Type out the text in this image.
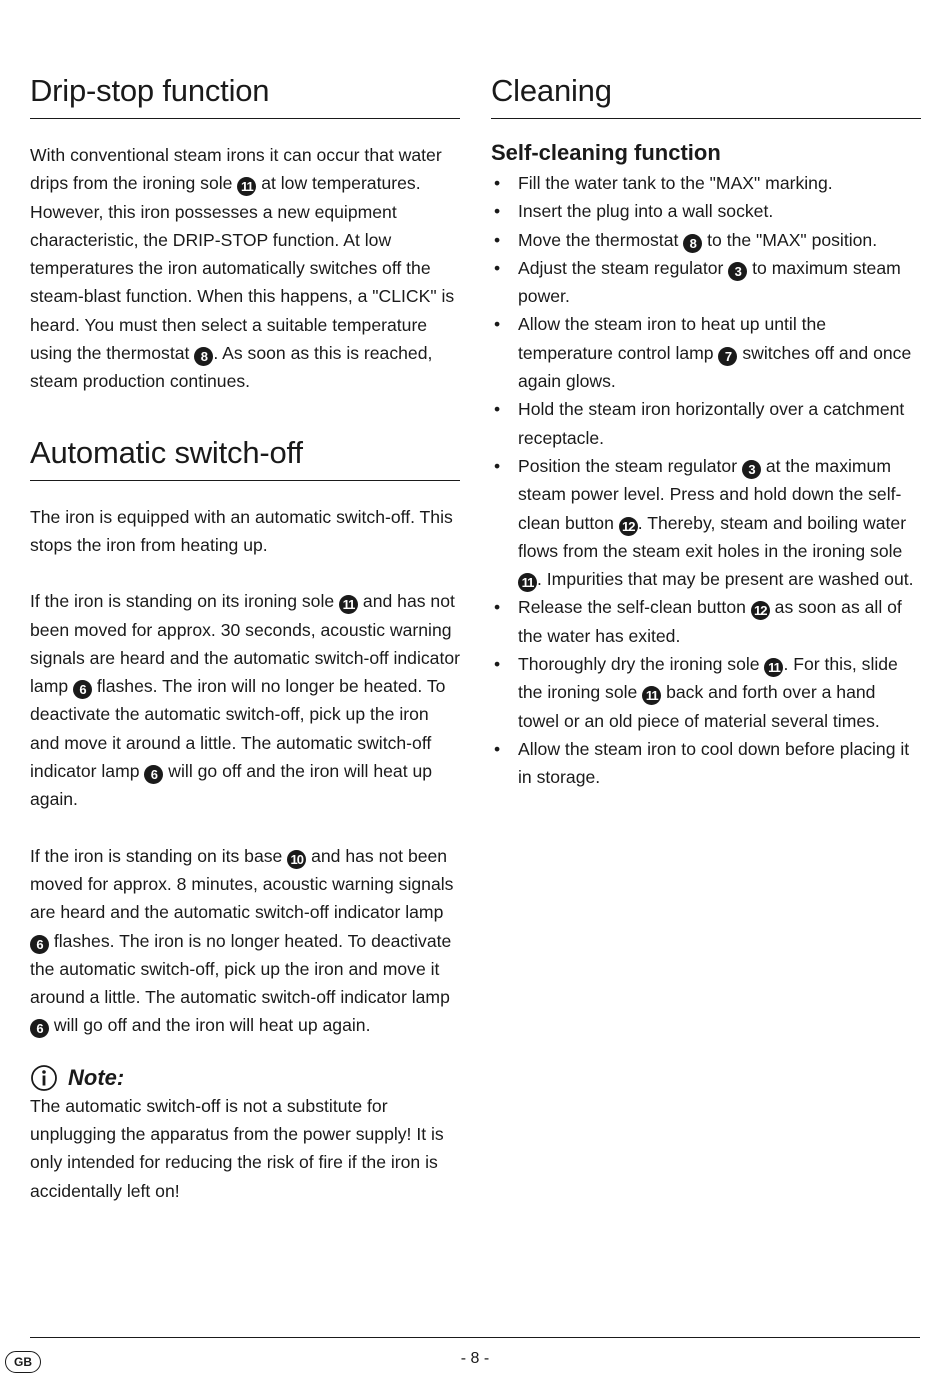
Drip-stop function

With conventional steam irons it can occur that water drips from the ironing sole 11 at low temperatures. However, this iron possesses a new equipment characteristic, the DRIP-STOP function. At low temperatures the iron automatically switches off the steam-blast function. When this happens, a "CLICK" is heard. You must then select a suitable temperature using the thermostat 8 . As soon as this is reached, steam production continues.

Automatic switch-off

The iron is equipped with an automatic switch-off. This stops the iron from heating up.

If the iron is standing on its ironing sole 11 and has not been moved for approx. 30 seconds, acoustic warning signals are heard and the automatic switch-off indicator lamp 6 flashes. The iron will no longer be heated. To deactivate the automatic switch-off, pick up the iron and move it around a little. The automatic switch-off indicator lamp 6 will go off and the iron will heat up again.

If the iron is standing on its base 10 and has not been moved for approx. 8 minutes, acoustic warning signals are heard and the automatic switch-off indicator lamp 6 flashes. The iron is no longer heated. To deactivate the automatic switch-off, pick up the iron and move it around a little. The automatic switch-off indicator lamp 6 will go off and the iron will heat up again.

Note:

The automatic switch-off is not a substitute for unplugging the apparatus from the power supply! It is only intended for reducing the risk of fire if the iron is accidentally left on!

Cleaning
Self-cleaning function
• Fill the water tank to the "MAX" marking.
• Insert the plug into a wall socket.
• Move the thermostat 8 to the "MAX" position.
• Adjust the steam regulator 3 to maximum steam power.
• Allow the steam iron to heat up until the temperature control lamp 7 switches off and once again glows.
• Hold the steam iron horizontally over a catchment receptacle.
• Position the steam regulator 3 at the maximum steam power level. Press and hold down the self-clean button 12 . Thereby, steam and boiling water flows from the steam exit holes in the ironing sole 11 . Impurities that may be present are washed out.
• Release the self-clean button 12 as soon as all of the water has exited.
• Thoroughly dry the ironing sole 11 . For this, slide the ironing sole 11 back and forth over a hand towel or an old piece of material several times.
• Allow the steam iron to cool down before placing it in storage.
GB	- 8 -
